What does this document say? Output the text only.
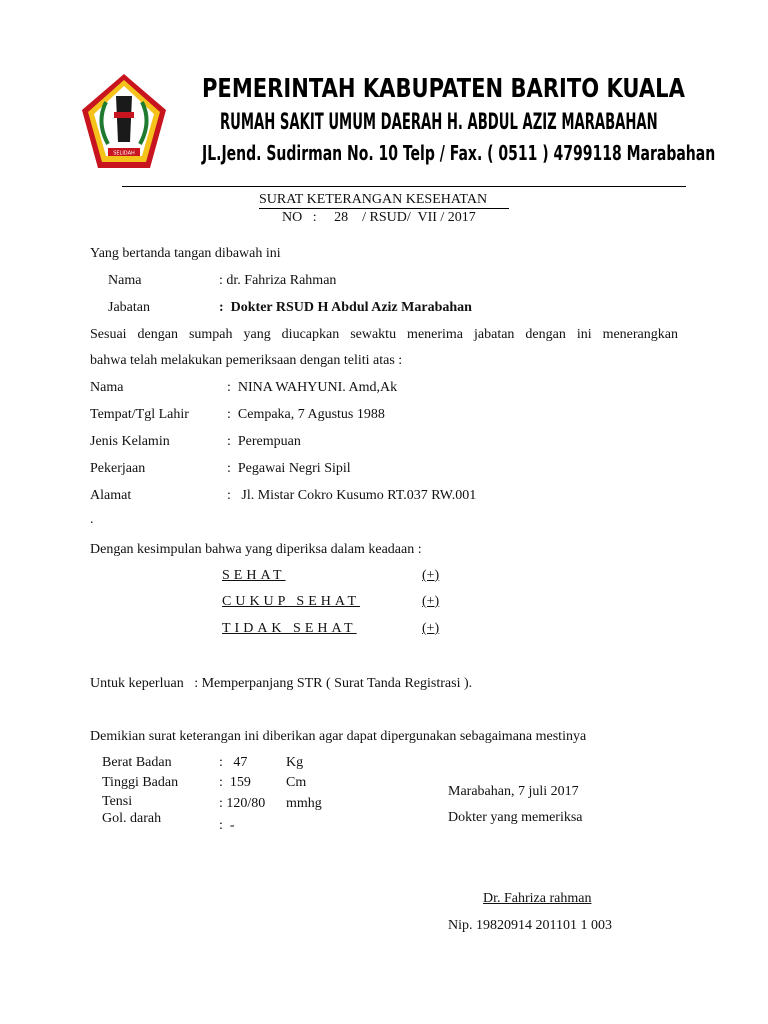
SELIDAH
PEMERINTAH KABUPATEN BARITO KUALA
RUMAH SAKIT UMUM DAERAH H. ABDUL AZIZ MARABAHAN
JL.Jend. Sudirman No. 10 Telp / Fax. ( 0511 ) 4799118 Marabahan
SURAT KETERANGAN KESEHATAN
NO   :     28    / RSUD/  VII / 2017
Yang bertanda tangan dibawah ini
Nama	: dr. Fahriza Rahman
Jabatan	:  Dokter RSUD H Abdul Aziz Marabahan
Sesuai dengan sumpah yang diucapkan sewaktu menerima jabatan dengan ini menerangkan
bahwa telah melakukan pemeriksaan dengan teliti atas :
Nama	:  NINA WAHYUNI. Amd,Ak
Tempat/Tgl Lahir	:  Cempaka, 7 Agustus 1988
Jenis Kelamin	:  Perempuan
Pekerjaan	:  Pegawai Negri Sipil
Alamat	:   Jl. Mistar Cokro Kusumo RT.037 RW.001
.
Dengan kesimpulan bahwa yang diperiksa dalam keadaan :
SEHAT	(+)
CUKUP SEHAT	(+)
TIDAK SEHAT	(+)
Untuk keperluan   : Memperpanjang STR ( Surat Tanda Registrasi ).
Demikian surat keterangan ini diberikan agar dapat dipergunakan sebagaimana mestinya
Berat Badan	:   47	Kg
Tinggi Badan	:  159	Cm
Tensi	: 120/80 mmhg
Gol. darah	:  -
Marabahan, 7 juli 2017
Dokter yang memeriksa
Dr. Fahriza rahman
Nip. 19820914 201101 1 003
